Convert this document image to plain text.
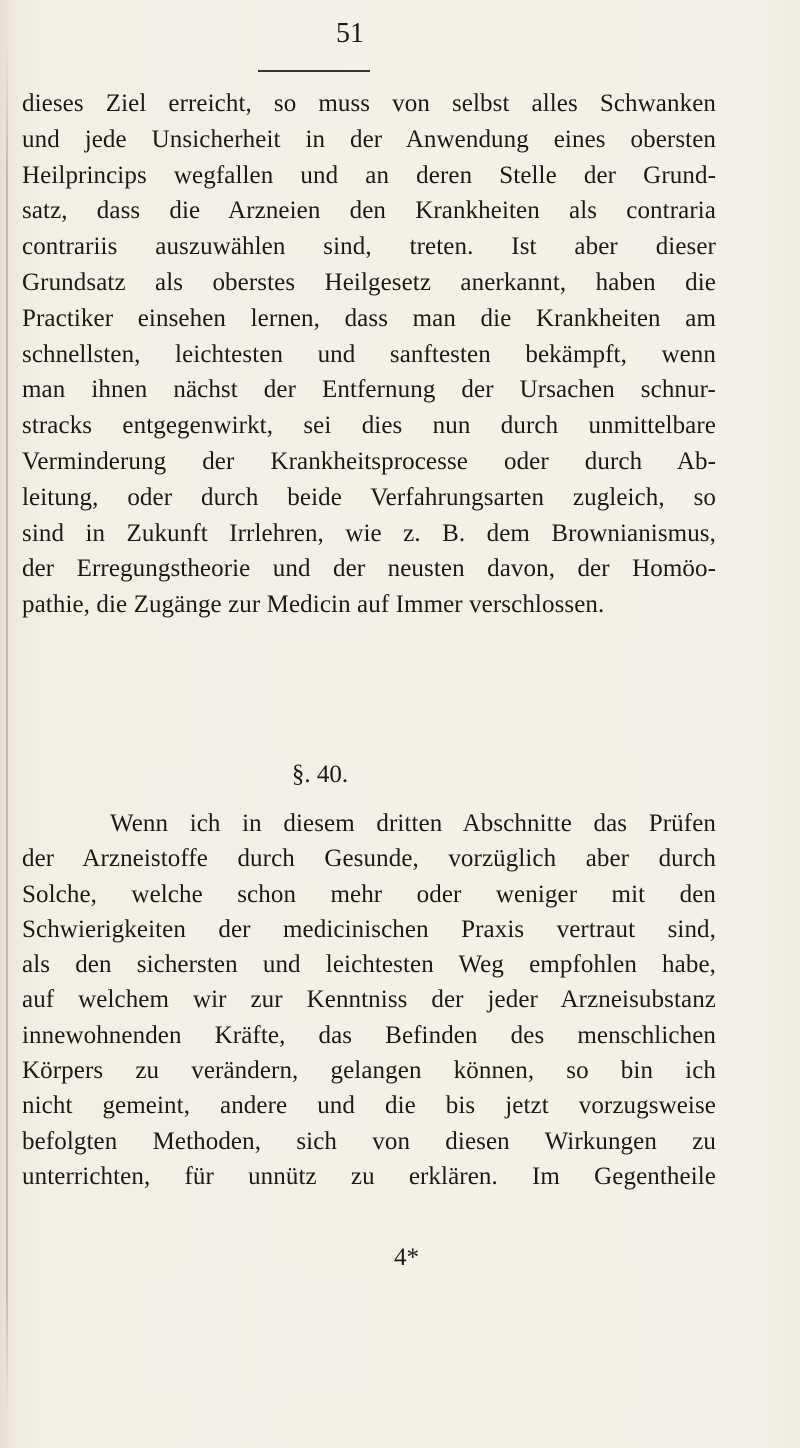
51
dieses Ziel erreicht, so muss von selbst alles Schwanken
und jede Unsicherheit in der Anwendung eines obersten
Heilprincips wegfallen und an deren Stelle der Grund-
satz, dass die Arzneien den Krankheiten als contraria
contrariis auszuwählen sind, treten. Ist aber dieser
Grundsatz als oberstes Heilgesetz anerkannt, haben die
Practiker einsehen lernen, dass man die Krankheiten am
schnellsten, leichtesten und sanftesten bekämpft, wenn
man ihnen nächst der Entfernung der Ursachen schnur-
stracks entgegenwirkt, sei dies nun durch unmittelbare
Verminderung der Krankheitsprocesse oder durch Ab-
leitung, oder durch beide Verfahrungsarten zugleich, so
sind in Zukunft Irrlehren, wie z. B. dem Brownianismus,
der Erregungstheorie und der neusten davon, der Homöo-
pathie, die Zugänge zur Medicin auf Immer verschlossen.
§. 40.
Wenn ich in diesem dritten Abschnitte das Prüfen
der Arzneistoffe durch Gesunde, vorzüglich aber durch
Solche, welche schon mehr oder weniger mit den
Schwierigkeiten der medicinischen Praxis vertraut sind,
als den sichersten und leichtesten Weg empfohlen habe,
auf welchem wir zur Kenntniss der jeder Arzneisubstanz
innewohnenden Kräfte, das Befinden des menschlichen
Körpers zu verändern, gelangen können, so bin ich
nicht gemeint, andere und die bis jetzt vorzugsweise
befolgten Methoden, sich von diesen Wirkungen zu
unterrichten, für unnütz zu erklären. Im Gegentheile
4*
